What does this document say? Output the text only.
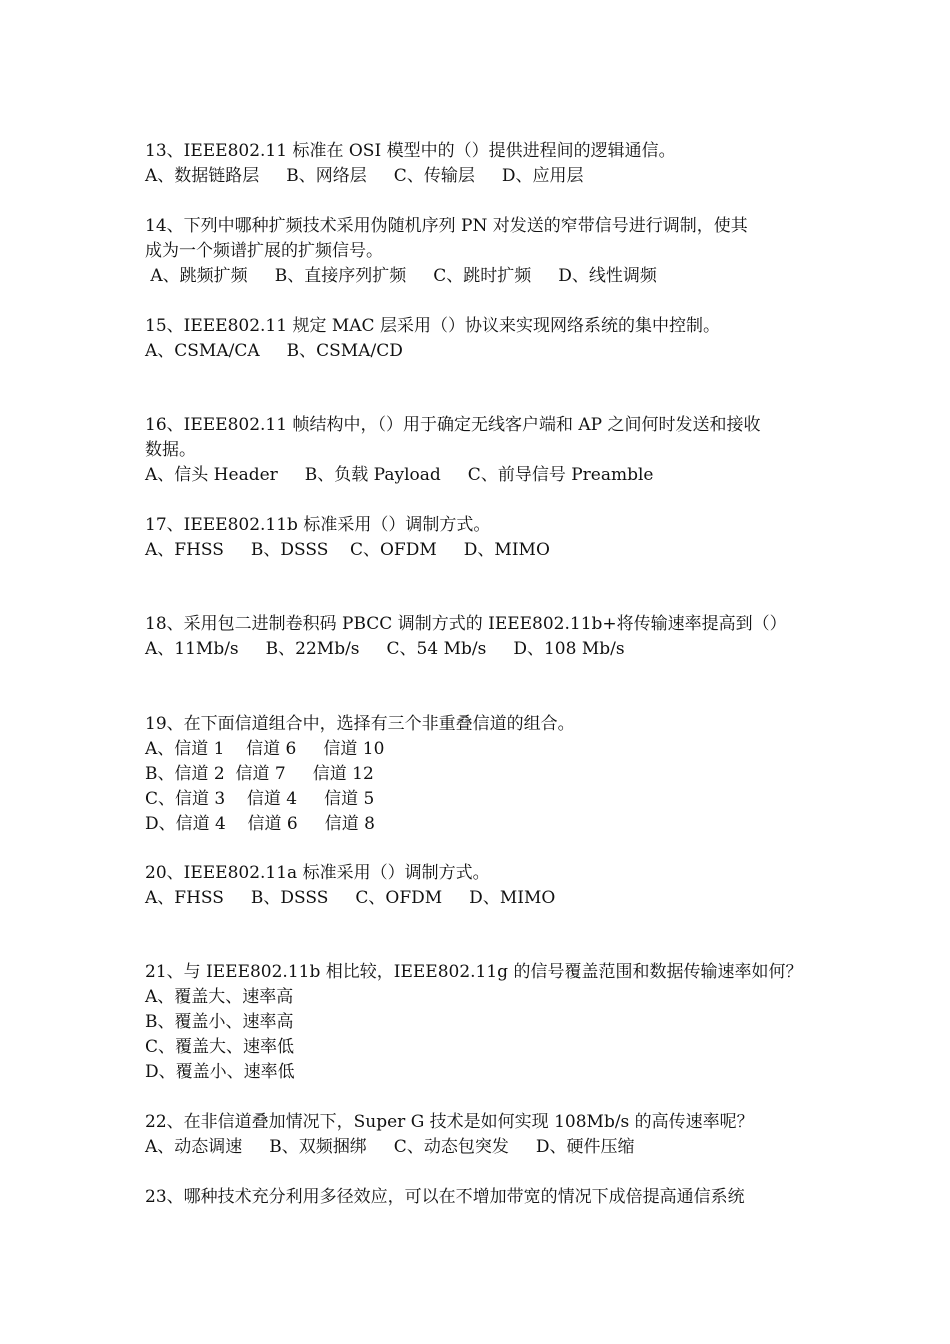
13、IEEE802.11 标准在 OSI 模型中的（）提供进程间的逻辑通信。

A、数据链路层     B、网络层     C、传输层     D、应用层

14、下列中哪种扩频技术采用伪随机序列 PN 对发送的窄带信号进行调制，使其

成为一个频谱扩展的扩频信号。

A、跳频扩频     B、直接序列扩频     C、跳时扩频     D、线性调频

15、IEEE802.11 规定 MAC 层采用（）协议来实现网络系统的集中控制。

A、CSMA/CA     B、CSMA/CD

16、IEEE802.11 帧结构中，（）用于确定无线客户端和 AP 之间何时发送和接收

数据。

A、信头 Header     B、负载 Payload     C、前导信号 Preamble

17、IEEE802.11b 标准采用（）调制方式。

A、FHSS     B、DSSS    C、OFDM     D、MIMO

18、采用包二进制卷积码 PBCC 调制方式的 IEEE802.11b+将传输速率提高到（）

A、11Mb/s     B、22Mb/s     C、54 Mb/s     D、108 Mb/s

19、在下面信道组合中，选择有三个非重叠信道的组合。

A、信道 1    信道 6     信道 10

B、信道 2  信道 7     信道 12

C、信道 3    信道 4     信道 5

D、信道 4    信道 6     信道 8

20、IEEE802.11a 标准采用（）调制方式。

A、FHSS     B、DSSS     C、OFDM     D、MIMO

21、与 IEEE802.11b 相比较，IEEE802.11g 的信号覆盖范围和数据传输速率如何？

A、覆盖大、速率高

B、覆盖小、速率高

C、覆盖大、速率低

D、覆盖小、速率低

22、在非信道叠加情况下，Super G 技术是如何实现 108Mb/s 的高传速率呢？

A、动态调速     B、双频捆绑     C、动态包突发     D、硬件压缩

23、哪种技术充分利用多径效应，可以在不增加带宽的情况下成倍提高通信系统
